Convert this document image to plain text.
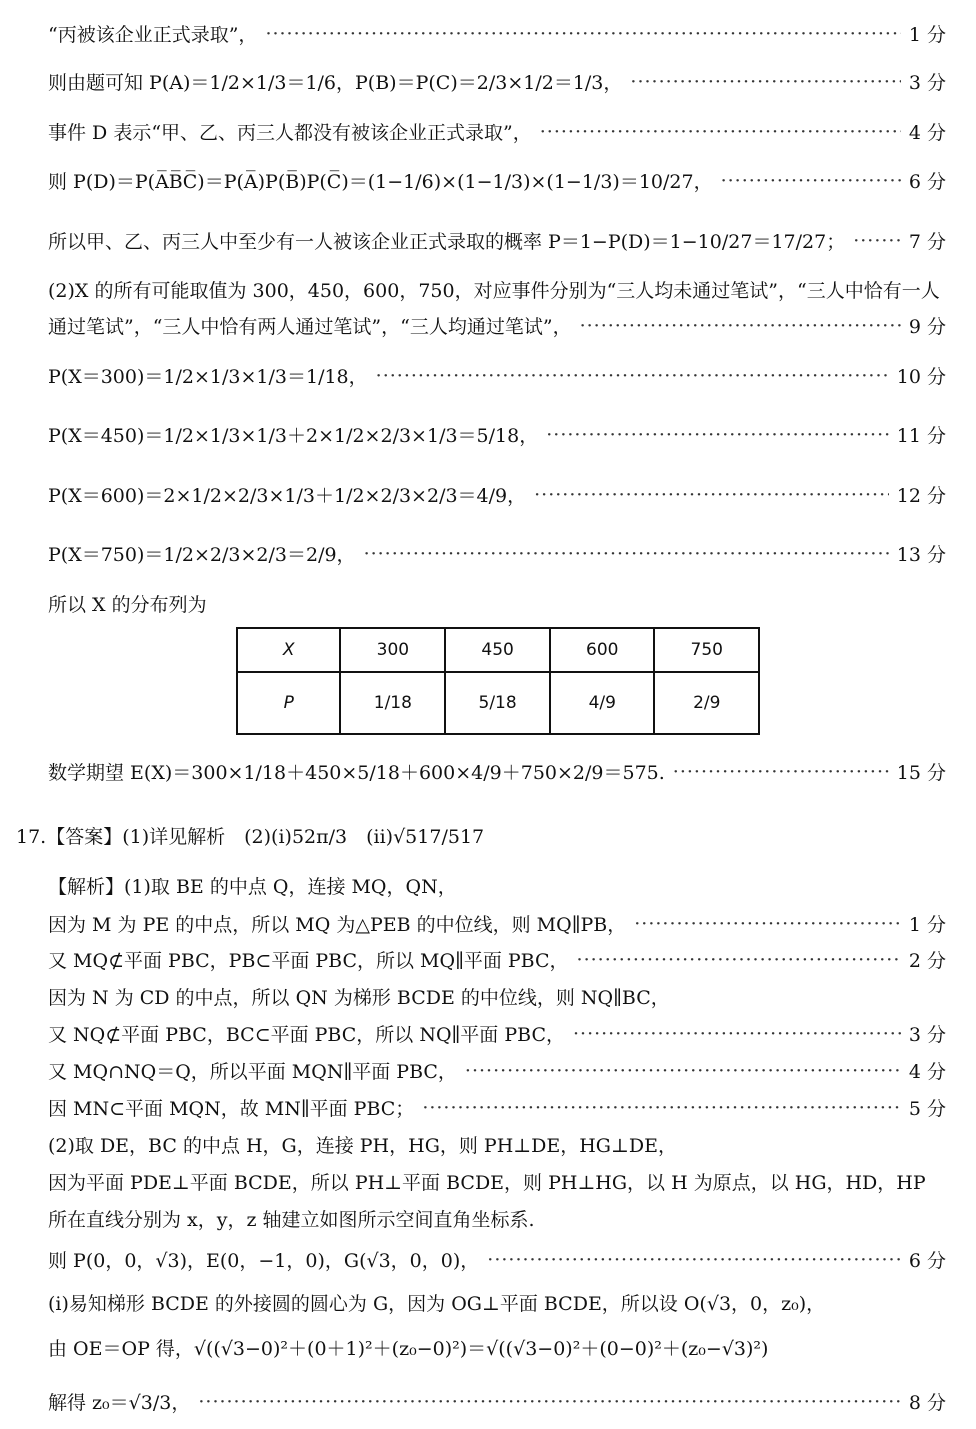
“丙被该企业正式录取”， ·····	1 分
则由题可知 P(A)＝1/2×1/3＝1/6，P(B)＝P(C)＝2/3×1/2＝1/3， ·····	3 分
事件 D 表示“甲、乙、丙三人都没有被该企业正式录取”， ·····	4 分
则 P(D)＝P(A̅B̅C̅)＝P(A̅)P(B̅)P(C̅)＝(1−1/6)×(1−1/3)×(1−1/3)＝10/27， ·····	6 分
所以甲、乙、丙三人中至少有一人被该企业正式录取的概率 P＝1−P(D)＝1−10/27＝17/27； ·····	7 分
(2)X 的所有可能取值为 300，450，600，750，对应事件分别为“三人均未通过笔试”，“三人中恰有一人
通过笔试”，“三人中恰有两人通过笔试”，“三人均通过笔试”， ·····	9 分
P(X＝300)＝1/2×1/3×1/3＝1/18， ·····	10 分
P(X＝450)＝1/2×1/3×1/3＋2×1/2×2/3×1/3＝5/18， ·····	11 分
P(X＝600)＝2×1/2×2/3×1/3＋1/2×2/3×2/3＝4/9， ·····	12 分
P(X＝750)＝1/2×2/3×2/3＝2/9， ·····	13 分
所以 X 的分布列为
X	300	450	600	750
P	1/18	5/18	4/9	2/9
数学期望 E(X)＝300×1/18＋450×5/18＋600×4/9＋750×2/9＝575. ·····	15 分
17.【答案】(1)详见解析　(2)(i)52π/3　(ii)√517/517
【解析】(1)取 BE 的中点 Q，连接 MQ，QN，
因为 M 为 PE 的中点，所以 MQ 为△PEB 的中位线，则 MQ∥PB， ·····	1 分
又 MQ⊄平面 PBC，PB⊂平面 PBC，所以 MQ∥平面 PBC， ·····	2 分
因为 N 为 CD 的中点，所以 QN 为梯形 BCDE 的中位线，则 NQ∥BC，
又 NQ⊄平面 PBC，BC⊂平面 PBC，所以 NQ∥平面 PBC， ·····	3 分
又 MQ∩NQ＝Q，所以平面 MQN∥平面 PBC， ·····	4 分
因 MN⊂平面 MQN，故 MN∥平面 PBC； ·····	5 分
(2)取 DE，BC 的中点 H，G，连接 PH，HG，则 PH⊥DE，HG⊥DE，
因为平面 PDE⊥平面 BCDE，所以 PH⊥平面 BCDE，则 PH⊥HG，以 H 为原点，以 HG，HD，HP
所在直线分别为 x，y，z 轴建立如图所示空间直角坐标系.
则 P(0，0，√3)，E(0，−1，0)，G(√3，0，0)， ·····	6 分
(i)易知梯形 BCDE 的外接圆的圆心为 G，因为 OG⊥平面 BCDE，所以设 O(√3，0，z₀)，
由 OE＝OP 得，√((√3−0)²＋(0＋1)²＋(z₀−0)²)＝√((√3−0)²＋(0−0)²＋(z₀−√3)²)
解得 z₀＝√3/3， ·····	8 分
